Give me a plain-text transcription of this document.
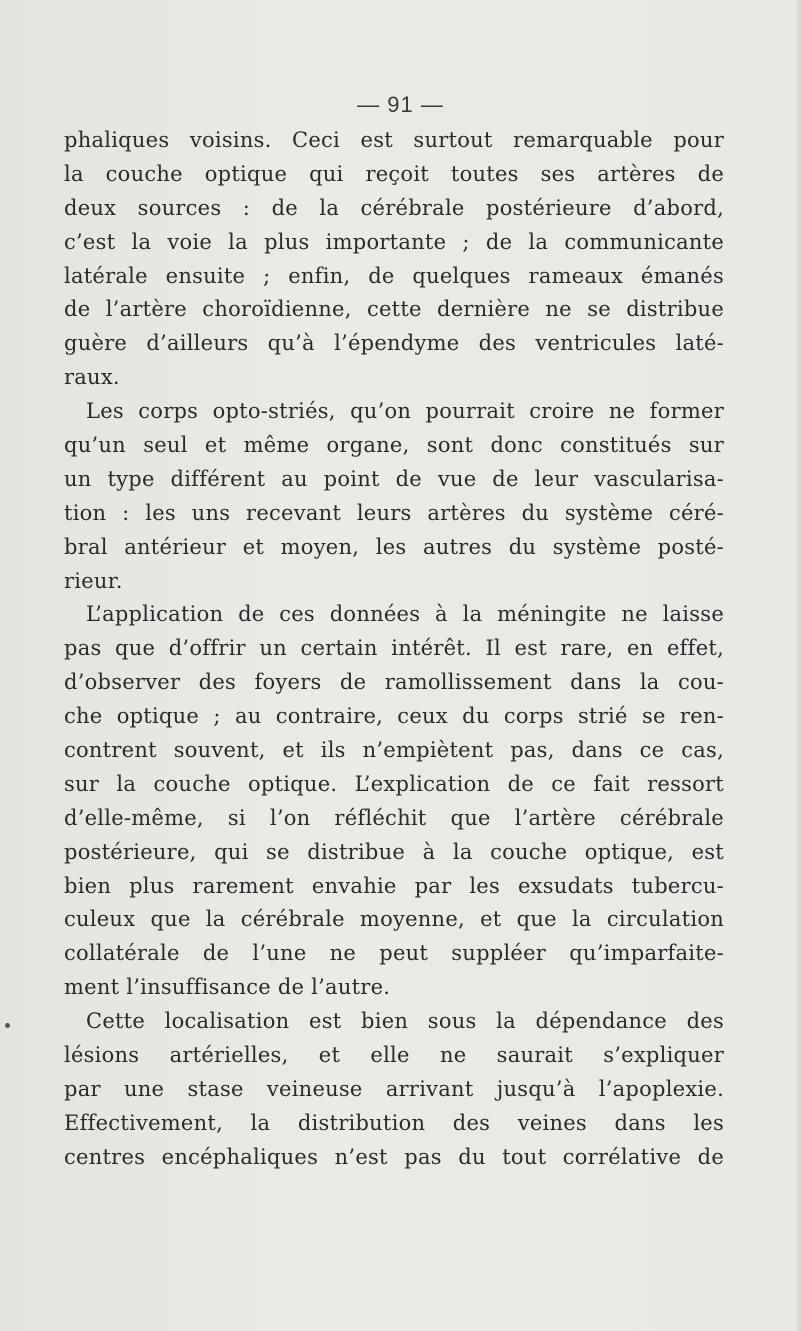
— 91 —
phaliques voisins. Ceci est surtout remarquable pour
la couche optique qui reçoit toutes ses artères de
deux sources : de la cérébrale postérieure d’abord,
c’est la voie la plus importante ; de la communicante
latérale ensuite ; enfin, de quelques rameaux émanés
de l’artère choroïdienne, cette dernière ne se distribue
guère d’ailleurs qu’à l’épendyme des ventricules laté-
raux.
Les corps opto-striés, qu’on pourrait croire ne former
qu’un seul et même organe, sont donc constitués sur
un type différent au point de vue de leur vascularisa-
tion : les uns recevant leurs artères du système céré-
bral antérieur et moyen, les autres du système posté-
rieur.
L’application de ces données à la méningite ne laisse
pas que d’offrir un certain intérêt. Il est rare, en effet,
d’observer des foyers de ramollissement dans la cou-
che optique ; au contraire, ceux du corps strié se ren-
contrent souvent, et ils n’empiètent pas, dans ce cas,
sur la couche optique. L’explication de ce fait ressort
d’elle-même, si l’on réfléchit que l’artère cérébrale
postérieure, qui se distribue à la couche optique, est
bien plus rarement envahie par les exsudats tubercu-
culeux que la cérébrale moyenne, et que la circulation
collatérale de l’une ne peut suppléer qu’imparfaite-
ment l’insuffisance de l’autre.
Cette localisation est bien sous la dépendance des
lésions artérielles, et elle ne saurait s’expliquer
par une stase veineuse arrivant jusqu’à l’apoplexie.
Effectivement, la distribution des veines dans les
centres encéphaliques n’est pas du tout corrélative de
